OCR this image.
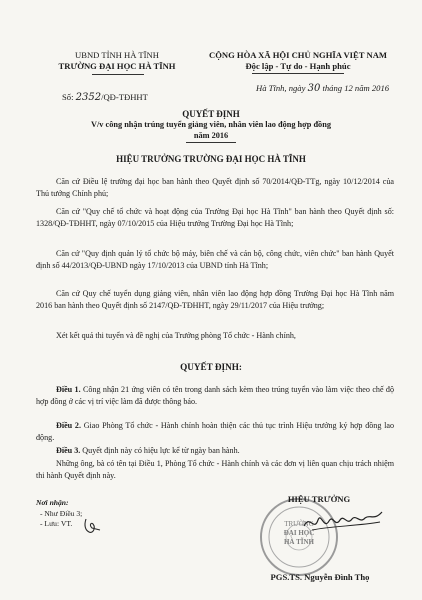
UBND TỈNH HÀ TĨNH
TRƯỜNG ĐẠI HỌC HÀ TĨNH
Số: 2352/QĐ-TĐHHT
CỘNG HÒA XÃ HỘI CHỦ NGHĨA VIỆT NAM
Độc lập - Tự do - Hạnh phúc
Hà Tĩnh, ngày 30 tháng 12 năm 2016
QUYẾT ĐỊNH
V/v công nhận trúng tuyển giảng viên, nhân viên lao động hợp đồng
năm 2016
HIỆU TRƯỞNG TRƯỜNG ĐẠI HỌC HÀ TĨNH
Căn cứ Điều lệ trường đại học ban hành theo Quyết định số 70/2014/QĐ-TTg, ngày 10/12/2014 của Thủ tướng Chính phủ;
Căn cứ "Quy chế tổ chức và hoạt động của Trường Đại học Hà Tĩnh" ban hành theo Quyết định số: 1328/QĐ-TĐHHT, ngày 07/10/2015 của Hiệu trưởng Trường Đại học Hà Tĩnh;
Căn cứ "Quy định quản lý tổ chức bộ máy, biên chế và cán bộ, công chức, viên chức" ban hành Quyết định số 44/2013/QĐ-UBND ngày 17/10/2013 của UBND tỉnh Hà Tĩnh;
Căn cứ Quy chế tuyển dụng giảng viên, nhân viên lao động hợp đồng Trường Đại học Hà Tĩnh năm 2016 ban hành theo Quyết định số 2147/QĐ-TĐHHT, ngày 29/11/2017 của Hiệu trưởng;
Xét kết quả thi tuyển và đề nghị của Trưởng phòng Tổ chức - Hành chính,
QUYẾT ĐỊNH:
Điều 1. Công nhận 21 ứng viên có tên trong danh sách kèm theo trúng tuyển vào làm việc theo chế độ hợp đồng ở các vị trí việc làm đã được thông báo.
Điều 2. Giao Phòng Tổ chức - Hành chính hoàn thiện các thủ tục trình Hiệu trưởng ký hợp đồng lao động.
Điều 3. Quyết định này có hiệu lực kể từ ngày ban hành.
Những ông, bà có tên tại Điều 1, Phòng Tổ chức - Hành chính và các đơn vị liên quan chịu trách nhiệm thi hành Quyết định này.
Nơi nhận:
- Như Điều 3;
- Lưu: VT.	TRƯỜNG
ĐẠI HỌC
HÀ TĨNH
HIỆU TRƯỞNG
PGS.TS. Nguyễn Đình Thọ
